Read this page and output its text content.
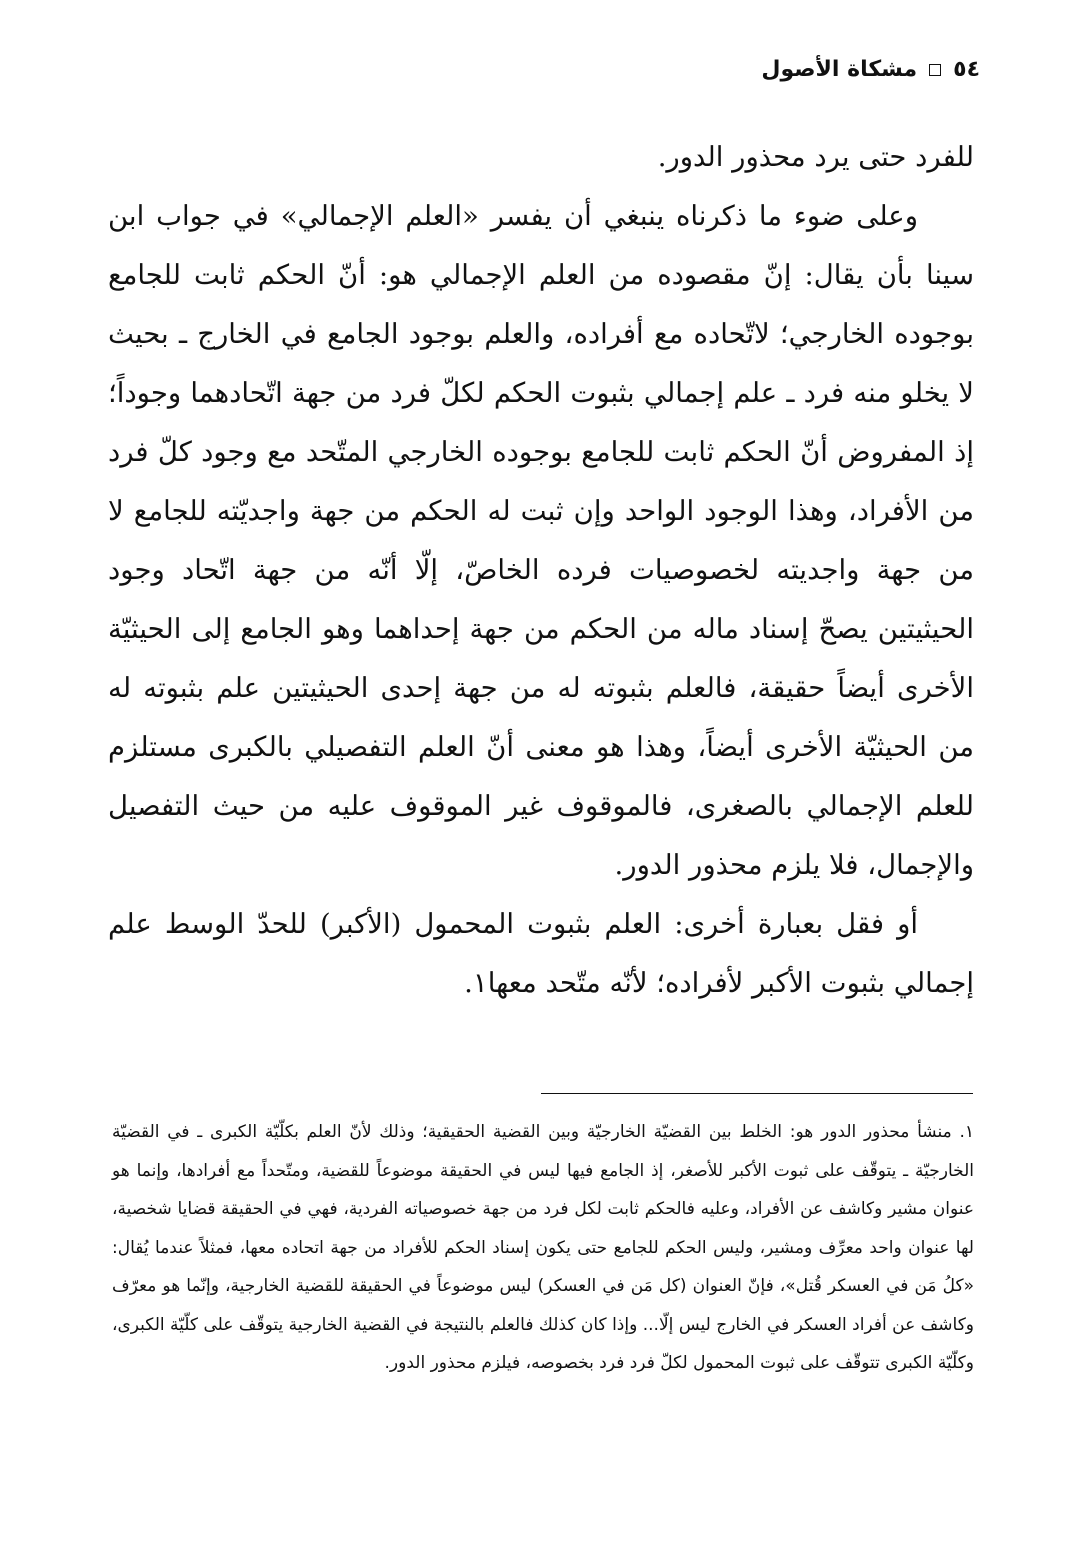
٥٤
مشكاة الأصول

للفرد حتى يرد محذور الدور.

وعلى ضوء ما ذكرناه ينبغي أن يفسر «العلم الإجمالي» في جواب ابن سينا بأن يقال: إنّ مقصوده من العلم الإجمالي هو: أنّ الحكم ثابت للجامع بوجوده الخارجي؛ لاتّحاده مع أفراده، والعلم بوجود الجامع في الخارج ـ بحيث لا يخلو منه فرد ـ علم إجمالي بثبوت الحكم لكلّ فرد من جهة اتّحادهما وجوداً؛ إذ المفروض أنّ الحكم ثابت للجامع بوجوده الخارجي المتّحد مع وجود كلّ فرد من الأفراد، وهذا الوجود الواحد وإن ثبت له الحكم من جهة واجديّته للجامع لا من جهة واجديته لخصوصيات فرده الخاصّ، إلّا أنّه من جهة اتّحاد وجود الحيثيتين يصحّ إسناد ماله من الحكم من جهة إحداهما وهو الجامع إلى الحيثيّة الأخرى أيضاً حقيقة، فالعلم بثبوته له من جهة إحدى الحيثيتين علم بثبوته له من الحيثيّة الأخرى أيضاً، وهذا هو معنى أنّ العلم التفصيلي بالكبرى مستلزم للعلم الإجمالي بالصغرى، فالموقوف غير الموقوف عليه من حيث التفصيل والإجمال، فلا يلزم محذور الدور.

أو فقل بعبارة أخرى: العلم بثبوت المحمول (الأكبر) للحدّ الوسط علم إجمالي بثبوت الأكبر لأفراده؛ لأنّه متّحد معها١.

١. منشأ محذور الدور هو: الخلط بين القضيّة الخارجيّة وبين القضية الحقيقية؛ وذلك لأنّ العلم بكلّيّة الكبرى ـ في القضيّة الخارجيّة ـ يتوقّف على ثبوت الأكبر للأصغر، إذ الجامع فيها ليس في الحقيقة موضوعاً للقضية، ومتّحداً مع أفرادها، وإنما هو عنوان مشير وكاشف عن الأفراد، وعليه فالحكم ثابت لكل فرد من جهة خصوصياته الفردية، فهي في الحقيقة قضايا شخصية، لها عنوان واحد معرِّف ومشير، وليس الحكم للجامع حتى يكون إسناد الحكم للأفراد من جهة اتحاده معها، فمثلاً عندما يُقال: «كلُ مَن في العسكر قُتل»، فإنّ العنوان (كل مَن في العسكر) ليس موضوعاً في الحقيقة للقضية الخارجية، وإنّما هو معرّف وكاشف عن أفراد العسكر في الخارج ليس إلّا... وإذا كان كذلك فالعلم بالنتيجة في القضية الخارجية يتوقّف على كلّيّة الكبرى، وكلّيّة الكبرى تتوقّف على ثبوت المحمول لكلّ فرد فرد بخصوصه، فيلزم محذور الدور.
